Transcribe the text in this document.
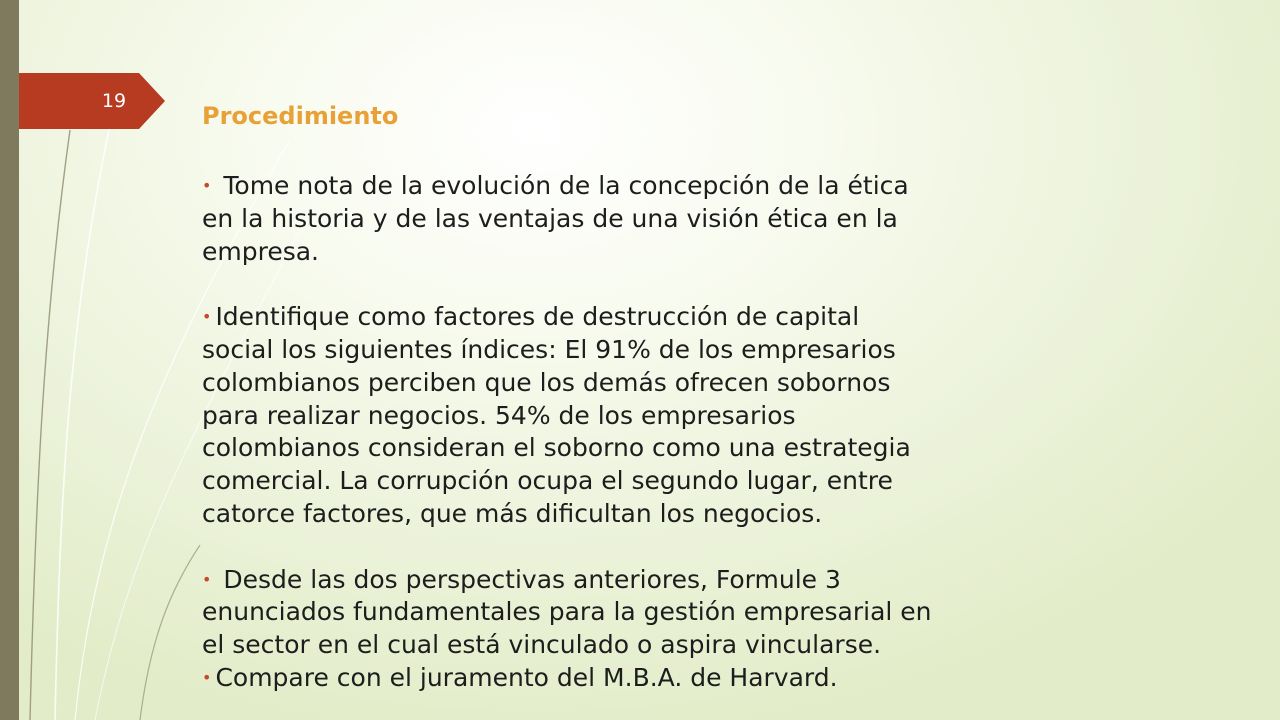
19
Procedimiento
• Tome nota de la evolución de la concepción de la ética
en la historia y de las ventajas de una visión ética en la
empresa.
• Identifique como factores de destrucción de capital
social los siguientes índices: El 91% de los empresarios
colombianos perciben que los demás ofrecen sobornos
para realizar negocios. 54% de los empresarios
colombianos consideran el soborno como una estrategia
comercial. La corrupción ocupa el segundo lugar, entre
catorce factores, que más dificultan los negocios.
• Desde las dos perspectivas anteriores, Formule 3
enunciados fundamentales para la gestión empresarial en
el sector en el cual está vinculado o aspira vincularse.
• Compare con el juramento del M.B.A. de Harvard.
